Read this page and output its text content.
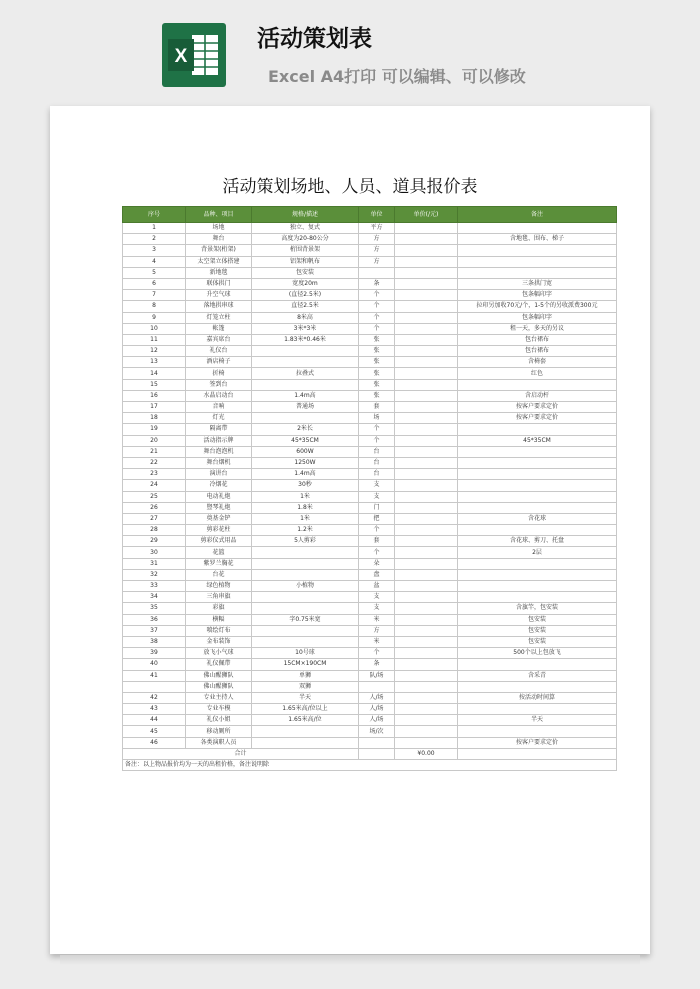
X
活动策划表
Excel A4打印 可以编辑、可以修改
活动策划场地、人员、道具报价表
序号	品种、项目	规格/描述	单位	单价(/元)	备注
1	场地	独立、复式	平方		
2	舞台	高度为20-80公分	方		含地毯、围布、梯子
3	背景架(桁架)	桁围背景架	方		
4	太空架立体搭建	铝架和帆布	方		
5	新地毯	包安装			
6	联体拱门	宽度20m	条		三条拱门宽
7	升空气球	(直径2.5米)	个		包条幅印字
8	落地拱串球	直径2.5米	个		拉印另加收70元/个，1-5个的另收派费300元
9	灯笼立柱	8米高	个		包条幅印字
10	帐篷	3米*3米	个		租一天，多天的另议
11	嘉宾席台	1.83米*0.46米	张		包台裙布
12	礼仪台		张		包台裙布
13	酒店椅子		张		含椅套
14	折椅	拉叠式	张		红色
15	签到台		张		
16	水晶启动台	1.4m高	张		含启动杆
17	音响	普通场	套		按客户要求定价
18	灯光		场		按客户要求定价
19	隔离带	2米长	个		
20	活动指示牌	45*35CM	个		45*35CM
21	舞台泡泡机	600W	台		
22	舞台烟机	1250W	台		
23	演讲台	1.4m高	台		
24	冷烟花	30秒	支		
25	电动礼炮	1米	支		
26	豎琴礼炮	1.8米	门		
27	奠基金铲	1米	把		含花球
28	剪彩花柱	1.2米	个		
29	剪彩仪式用品	5人剪彩	套		含花球、剪刀、托盘
30	花篮		个		2层
31	紫罗兰胸花		朵		
32	台花		盘		
33	绿色植物	小植物	盆		
34	三角串旗		支		
35	彩旗		支		含旗竿，包安装
36	横幅	字0.75米宽	米		包安装
37	喷绘灯布		方		包安装
38	金布装饰		米		包安装
39	放飞小气球	10号球	个		500个以上包放飞
40	礼仪佩带	15CM×190CM	条		
41	佛山醒狮队	单狮	队/场		含采青
	佛山醒狮队	双狮			
42	专业主持人	半天	人/场		按活动时间算
43	专业车模	1.65米高/位以上	人/场		
44	礼仪小姐	1.65米高/位	人/场		半天
45	移动厕所		场/次		
46	各类演职人员				按客户要求定价
合计				¥0.00	
备注：以上物品报价均为一天的出租价格，备注说明除					
